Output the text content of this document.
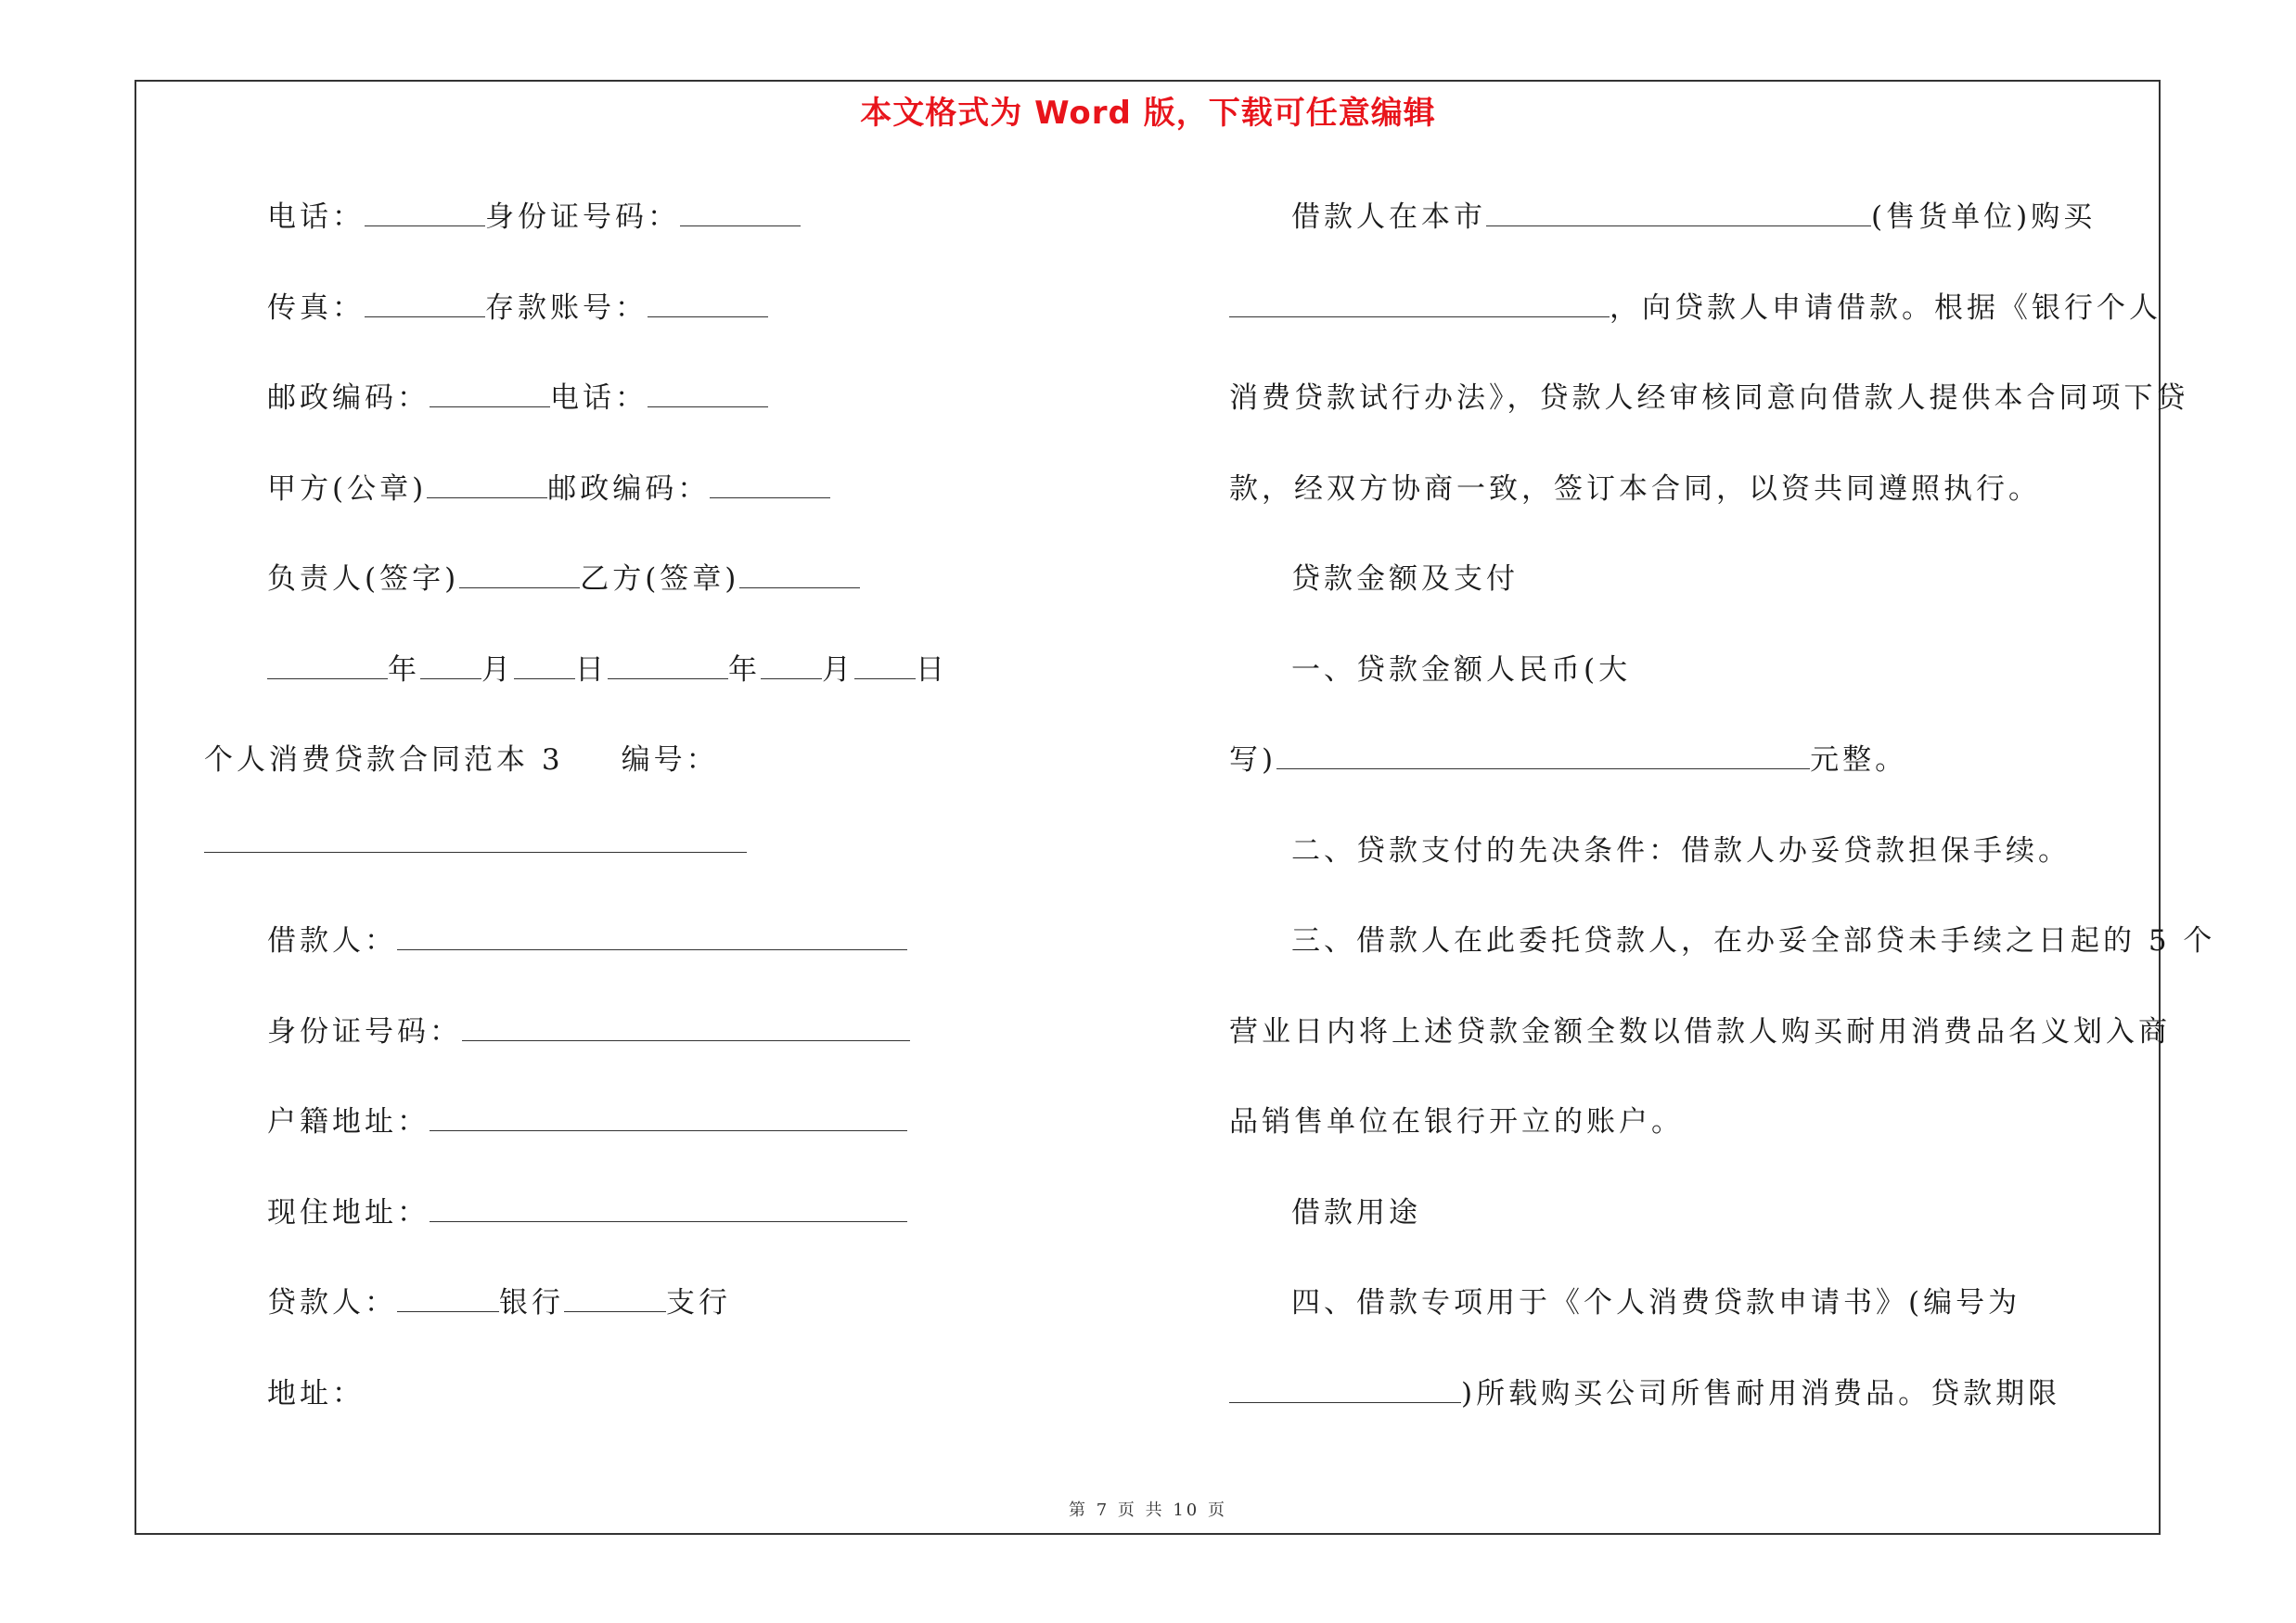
本文格式为 Word 版，下载可任意编辑
电话：	身份证号码：
传真：	存款账号：
邮政编码：	电话：
甲方(公章)	邮政编码：
负责人(签字)	乙方(签章)
年 月 日	年 月 日
个人消费贷款合同范本 3 编号：
借款人：
身份证号码：
户籍地址：
现住地址：
贷款人：	银行	支行
地址：
借款人在本市	(售货单位)购买
，向贷款人申请借款。根据《银行个人
消费贷款试行办法》，贷款人经审核同意向借款人提供本合同项下贷
款，经双方协商一致，签订本合同，以资共同遵照执行。
贷款金额及支付
一、贷款金额人民币(大
写)	元整。
二、贷款支付的先决条件：借款人办妥贷款担保手续。
三、借款人在此委托贷款人，在办妥全部贷未手续之日起的 5 个
营业日内将上述贷款金额全数以借款人购买耐用消费品名义划入商
品销售单位在银行开立的账户。
借款用途
四、借款专项用于《个人消费贷款申请书》(编号为
)所载购买公司所售耐用消费品。贷款期限
第 7 页 共 10 页
